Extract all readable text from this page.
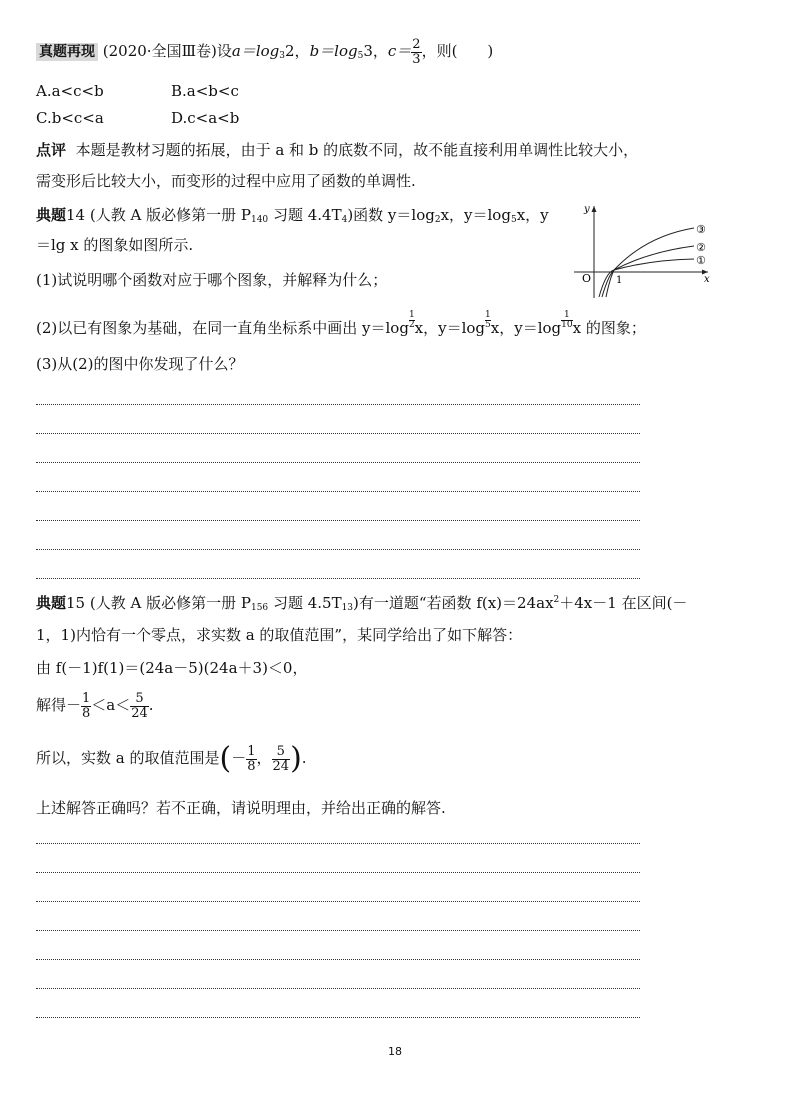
真题再现 (2020·全国Ⅲ卷)设$a=\log_32$，$b=\log_53$，$c= \frac{2}{3}$ ，则(　　)
A.a<c<b	B.a<b<c
C.b<c<a	D.c<a<b
点评 本题是教材习题的拓展，由于 a 和 b 的底数不同，故不能直接利用单调性比较大小，
需变形后比较大小，而变形的过程中应用了函数的单调性.
典题14 (人教 A 版必修第一册 $P_{140}$ 习题 $4.4T_4$)函数 $y=\log_2x$，$y=\log_5x$，y
＝lg x 的图象如图所示.
(1)试说明哪个函数对应于哪个图象，并解释为什么；
(2)以已有图象为基础，在同一直角坐标系中画出 $y=\log \frac{1}{2}$ x，$y=\log \frac{1}{5}$ x，$y=\log \frac{1}{10}$ x 的图象；
(3)从(2)的图中你发现了什么？
y
x
O 1
③
②
①
典题15 (人教 A 版必修第一册 $P_{156}$ 习题 $4.5T_{13}$)有一道题“若函数 $f(x)=24ax^2+4x-1$ 在区间(－
1，1)内恰有一个零点，求实数 a 的取值范围”，某同学给出了如下解答：
由 f(－1)f(1)＝(24a－5)(24a＋3)＜0，
解得－ $\frac{1}{8} <a< \frac{5}{24}$ .
所以，实数 a 的取值范围是(－ $\frac{1}{8}$ ， $\frac{5}{24}$ ).
上述解答正确吗？若不正确，请说明理由，并给出正确的解答.
18
